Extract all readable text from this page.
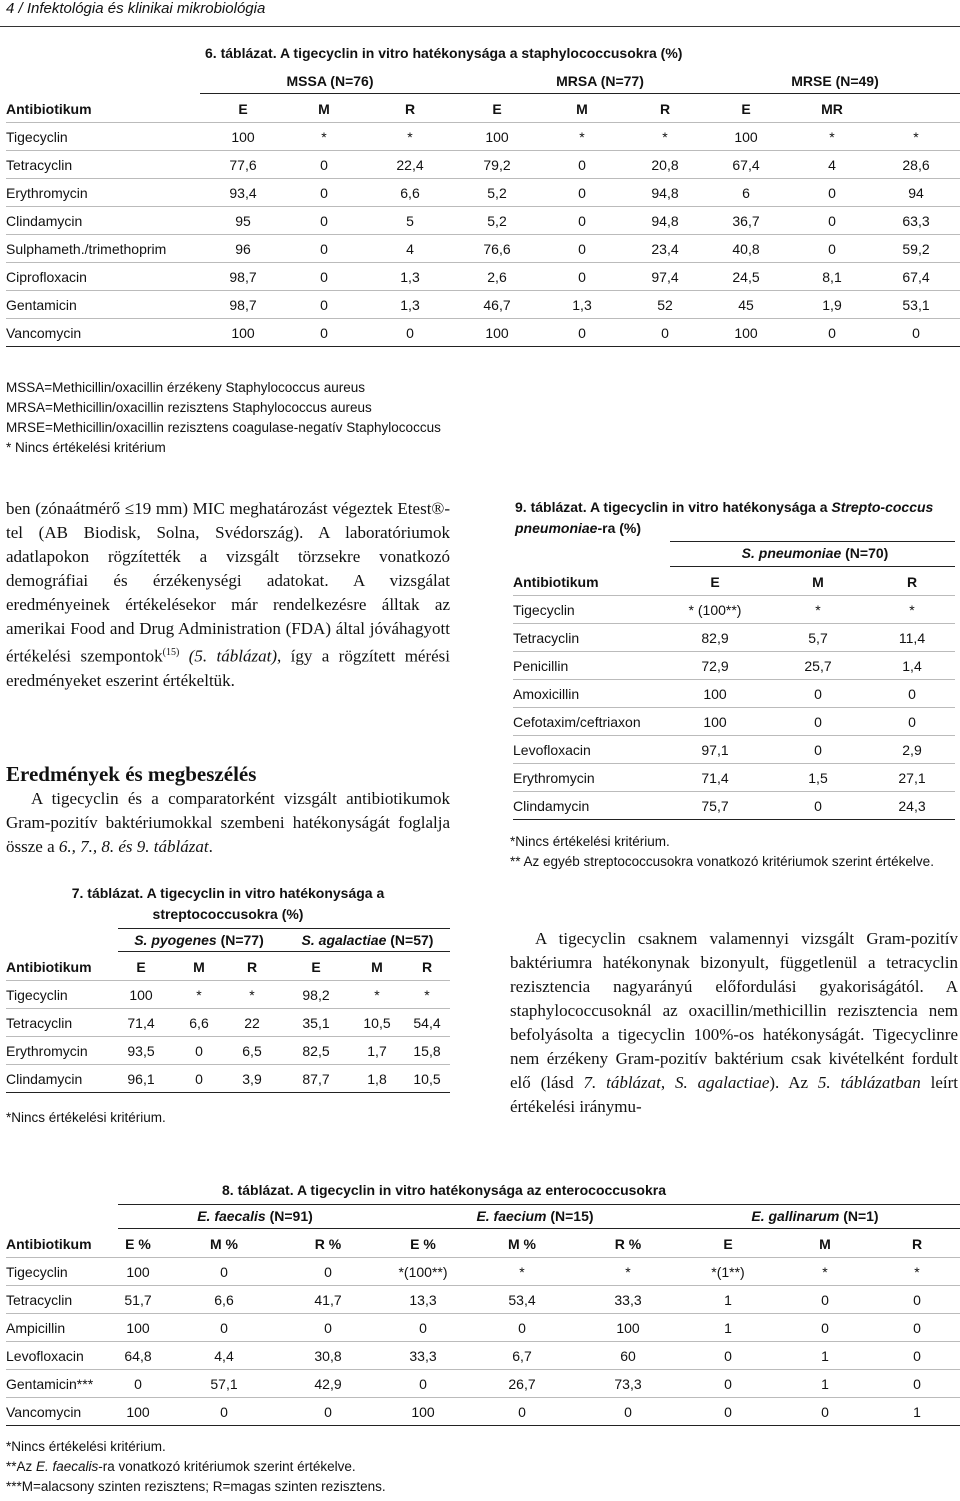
4 / Infektológia és klinikai mikrobiológia
6. táblázat. A tigecyclin in vitro hatékonysága a staphylococcusokra (%)
MSSA (N=76)	MRSA (N=77)	MRSE (N=49)
Antibiotikum	E	M	R	E	M	R	E	MR	
Tigecyclin	100	*	*	100	*	*	100	*	*
Tetracyclin	77,6	0	22,4	79,2	0	20,8	67,4	4	28,6
Erythromycin	93,4	0	6,6	5,2	0	94,8	6	0	94
Clindamycin	95	0	5	5,2	0	94,8	36,7	0	63,3
Sulphameth./trimethoprim	96	0	4	76,6	0	23,4	40,8	0	59,2
Ciprofloxacin	98,7	0	1,3	2,6	0	97,4	24,5	8,1	67,4
Gentamicin	98,7	0	1,3	46,7	1,3	52	45	1,9	53,1
Vancomycin	100	0	0	100	0	0	100	0	0
MSSA=Methicillin/oxacillin érzékeny Staphylococcus aureus
MRSA=Methicillin/oxacillin rezisztens Staphylococcus aureus
MRSE=Methicillin/oxacillin rezisztens coagulase-negatív Staphylococcus
* Nincs értékelési kritérium
ben (zónaátmérő ≤19 mm) MIC meghatározást végeztek Etest®-tel (AB Biodisk, Solna, Svédország). A laboratóriumok adatlapokon rögzítették a vizsgált törzsekre vonatkozó demográfiai és érzékenységi adatokat. A vizsgálat eredményeinek értékelésekor már rendelkezésre álltak az amerikai Food and Drug Administration (FDA) által jóváhagyott értékelési szempontok$^{(15)}$ (5. táblázat), így a rögzített mérési eredményeket eszerint értékeltük.
Eredmények és megbeszélés
A tigecyclin és a comparatorként vizsgált antibiotikumok Gram-pozitív baktériumokkal szembeni hatékonyságát foglalja össze a 6., 7., 8. és 9. táblázat.
7. táblázat. A tigecyclin in vitro hatékonysága a
streptococcusokra (%)
S. pyogenes (N=77)	S. agalactiae (N=57)
Antibiotikum	E	M	R	E	M	R
Tigecyclin	100	*	*	98,2	*	*
Tetracyclin	71,4	6,6	22	35,1	10,5	54,4
Erythromycin	93,5	0	6,5	82,5	1,7	15,8
Clindamycin	96,1	0	3,9	87,7	1,8	10,5
*Nincs értékelési kritérium.
9. táblázat. A tigecyclin in vitro hatékonysága a Strepto-coccus pneumoniae-ra (%)
S. pneumoniae (N=70)
Antibiotikum	E	M	R
Tigecyclin	* (100**)	*	*
Tetracyclin	82,9	5,7	11,4
Penicillin	72,9	25,7	1,4
Amoxicillin	100	0	0
Cefotaxim/ceftriaxon	100	0	0
Levofloxacin	97,1	0	2,9
Erythromycin	71,4	1,5	27,1
Clindamycin	75,7	0	24,3
*Nincs értékelési kritérium.
** Az egyéb streptococcusokra vonatkozó kritériumok szerint értékelve.
A tigecyclin csaknem valamennyi vizsgált Gram-pozitív baktériumra hatékonynak bizonyult, függetlenül a tetracyclin rezisztencia nagyarányú előfordulási gyakoriságától. A staphylococcusoknál az oxacillin/methicillin rezisztencia nem befolyásolta a tigecyclin 100%-os hatékonyságát. Tigecyclinre nem érzékeny Gram-pozitív baktérium csak kivételként fordult elő (lásd 7. táblázat, S. agalactiae). Az 5. táblázatban leírt értékelési iránymu-
8. táblázat. A tigecyclin in vitro hatékonysága az enterococcusokra
E. faecalis (N=91)	E. faecium (N=15)	E. gallinarum (N=1)
Antibiotikum	E %	M %	R %	E %	M %	R %	E	M	R
Tigecyclin	100	0	0	*(100**)	*	*	*(1**)	*	*
Tetracyclin	51,7	6,6	41,7	13,3	53,4	33,3	1	0	0
Ampicillin	100	0	0	0	0	100	1	0	0
Levofloxacin	64,8	4,4	30,8	33,3	6,7	60	0	1	0
Gentamicin***	0	57,1	42,9	0	26,7	73,3	0	1	0
Vancomycin	100	0	0	100	0	0	0	0	1
*Nincs értékelési kritérium.
**Az E. faecalis-ra vonatkozó kritériumok szerint értékelve.
***M=alacsony szinten rezisztens; R=magas szinten rezisztens.
